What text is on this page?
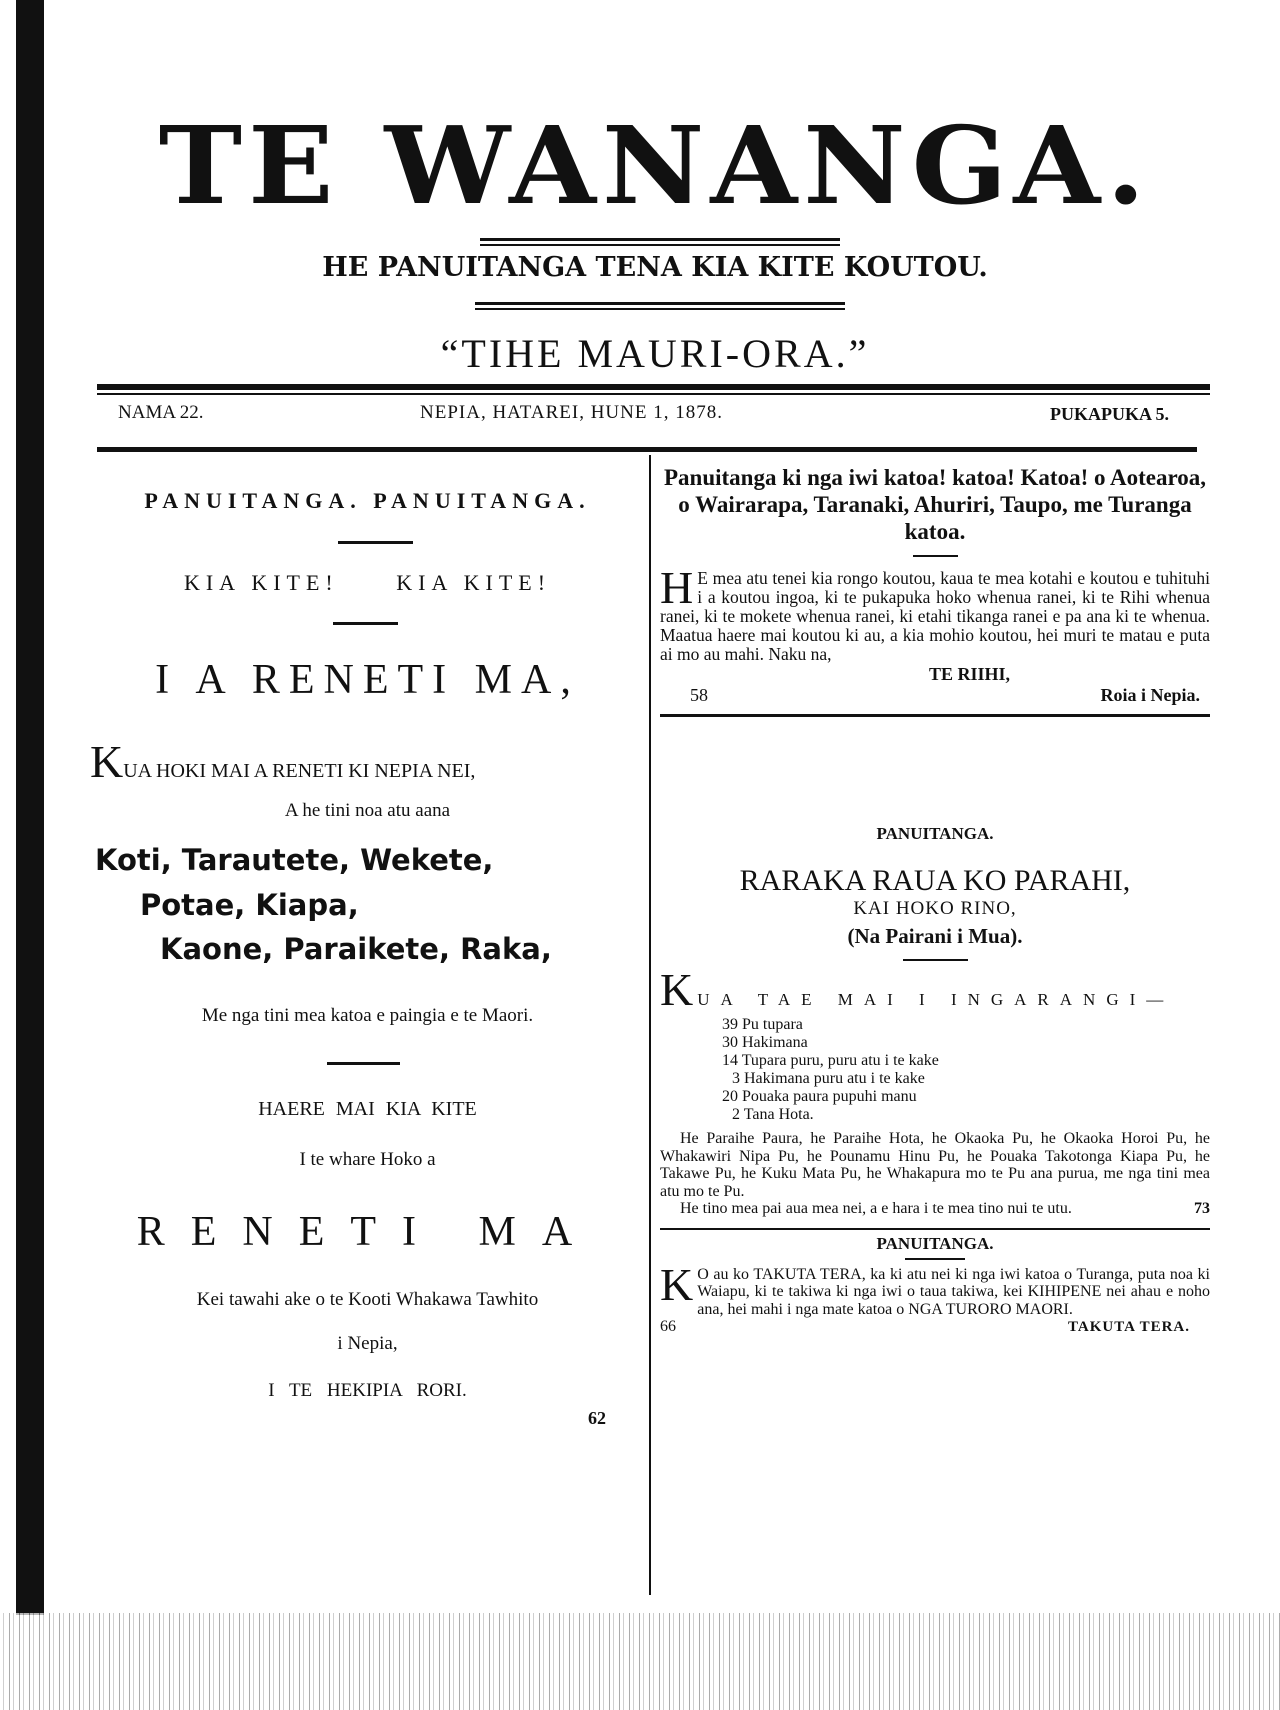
TE WANANGA.
HE PANUITANGA TENA KIA KITE KOUTOU.
“TIHE MAURI-ORA.”
NAMA 22.	NEPIA, HATAREI, HUNE 1, 1878.	PUKAPUKA 5.
PANUITANGA. PANUITANGA.
KIA KITE!     KIA KITE!
I A RENETI MA,
KUA HOKI MAI A RENETI KI NEPIA NEI,
A he tini noa atu aana
Koti, Tarautete, Wekete,
Potae, Kiapa,
Kaone, Paraikete, Raka,
Me nga tini mea katoa e paingia e te Maori.
HAERE MAI KIA KITE
I te whare Hoko a
RENETI MA
Kei tawahi ake o te Kooti Whakawa Tawhito
i Nepia,
I TE HEKIPIA RORI.
62
Panuitanga ki nga iwi katoa! katoa! Katoa! o Aotearoa, o Wairarapa, Taranaki, Ahuriri, Taupo, me Turanga katoa.
H E mea atu tenei kia rongo koutou, kaua te mea kotahi e koutou e tuhituhi i a koutou ingoa, ki te pukapuka hoko whenua ranei, ki te Rihi whenua ranei, ki te mokete whenua ranei, ki etahi tikanga ranei e pa ana ki te whenua. Maatua haere mai koutou ki au, a kia mohio koutou, hei muri te matau e puta ai mo au mahi. Naku na,
TE RIIHI,
58	Roia i Nepia.
PANUITANGA.
RARAKA RAUA KO PARAHI,
KAI HOKO RINO,
(Na Pairani i Mua).
KUA TAE MAI I INGARANGI—
39 Pu tupara
30 Hakimana
14 Tupara puru, puru atu i te kake
3 Hakimana puru atu i te kake
20 Pouaka paura pupuhi manu
2 Tana Hota.
He Paraihe Paura, he Paraihe Hota, he Okaoka Pu, he Okaoka Horoi Pu, he Whakawiri Nipa Pu, he Pounamu Hinu Pu, he Pouaka Takotonga Kiapa Pu, he Takawe Pu, he Kuku Mata Pu, he Whakapura mo te Pu ana purua, me nga tini mea atu mo te Pu.
He tino mea pai aua mea nei, a e hara i te mea tino nui te utu.	73
PANUITANGA.
K O au ko TAKUTA TERA, ka ki atu nei ki nga iwi katoa o Turanga, puta noa ki Waiapu, ki te takiwa ki nga iwi o taua takiwa, kei KIHIPENE nei ahau e noho ana, hei mahi i nga mate katoa o NGA TURORO MAORI.
66	TAKUTA TERA.
